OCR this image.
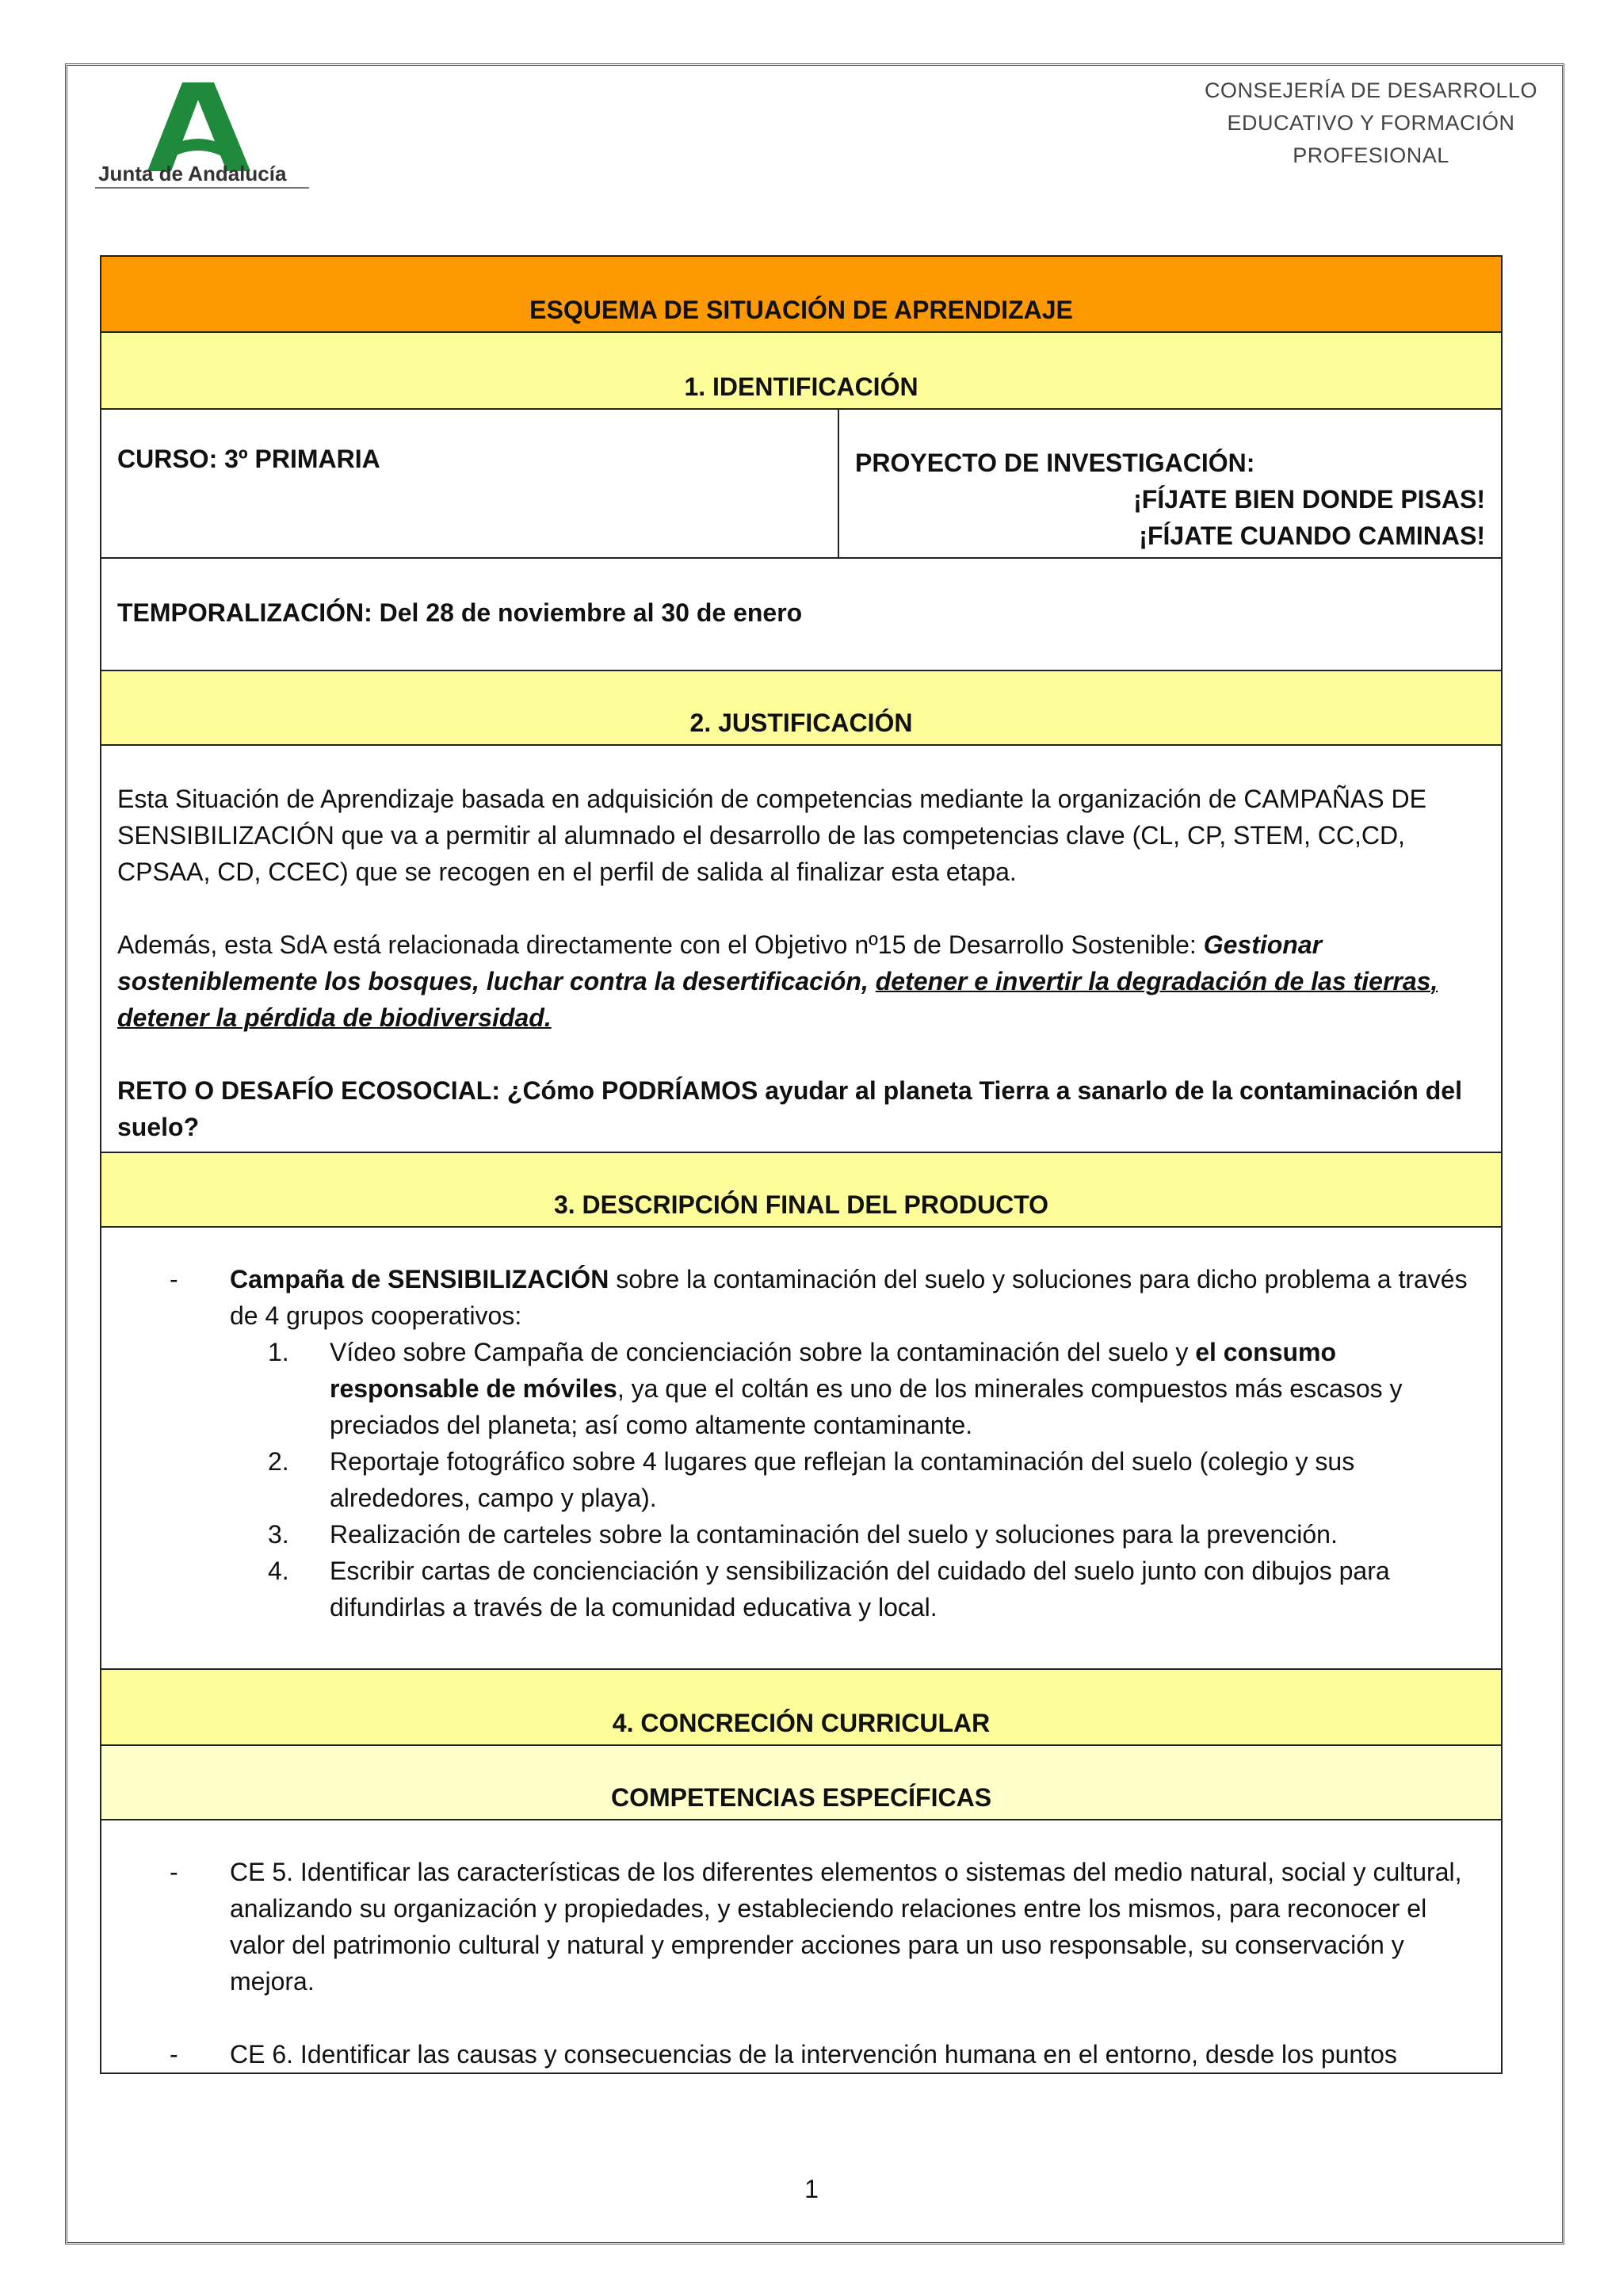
Junta de Andalucía
CONSEJERÍA DE DESARROLLO
EDUCATIVO Y FORMACIÓN
PROFESIONAL
ESQUEMA DE SITUACIÓN DE APRENDIZAJE
1. IDENTIFICACIÓN
CURSO: 3º PRIMARIA	PROYECTO DE INVESTIGACIÓN:
¡FÍJATE BIEN DONDE PISAS!
¡FÍJATE CUANDO CAMINAS!

TEMPORALIZACIÓN: Del 28 de noviembre al 30 de enero
2. JUSTIFICACIÓN

Esta Situación de Aprendizaje basada en adquisición de competencias mediante la organización de CAMPAÑAS DE SENSIBILIZACIÓN que va a permitir al alumnado el desarrollo de las competencias clave (CL, CP, STEM, CC,CD, CPSAA, CD, CCEC) que se recogen en el perfil de salida al finalizar esta etapa.

Además, esta SdA está relacionada directamente con el Objetivo nº15 de Desarrollo Sostenible: Gestionar sosteniblemente los bosques, luchar contra la desertificación, detener e invertir la degradación de las tierras, detener la pérdida de biodiversidad.

RETO O DESAFÍO ECOSOCIAL: ¿Cómo PODRÍAMOS ayudar al planeta Tierra a sanarlo de la contaminación del suelo?

3. DESCRIPCIÓN FINAL DEL PRODUCTO

- Campaña de SENSIBILIZACIÓN sobre la contaminación del suelo y soluciones para dicho problema a través de 4 grupos cooperativos:
1. Vídeo sobre Campaña de concienciación sobre la contaminación del suelo y el consumo responsable de móviles, ya que el coltán es uno de los minerales compuestos más escasos y preciados del planeta; así como altamente contaminante.
2. Reportaje fotográfico sobre 4 lugares que reflejan la contaminación del suelo (colegio y sus alrededores, campo y playa).
3. Realización de carteles sobre la contaminación del suelo y soluciones para la prevención.
4. Escribir cartas de concienciación y sensibilización del cuidado del suelo junto con dibujos para difundirlas a través de la comunidad educativa y local.

4. CONCRECIÓN CURRICULAR
COMPETENCIAS ESPECÍFICAS

- CE 5. Identificar las características de los diferentes elementos o sistemas del medio natural, social y cultural, analizando su organización y propiedades, y estableciendo relaciones entre los mismos, para reconocer el valor del patrimonio cultural y natural y emprender acciones para un uso responsable, su conservación y mejora.
- CE 6. Identificar las causas y consecuencias de la intervención humana en el entorno, desde los puntos
1
